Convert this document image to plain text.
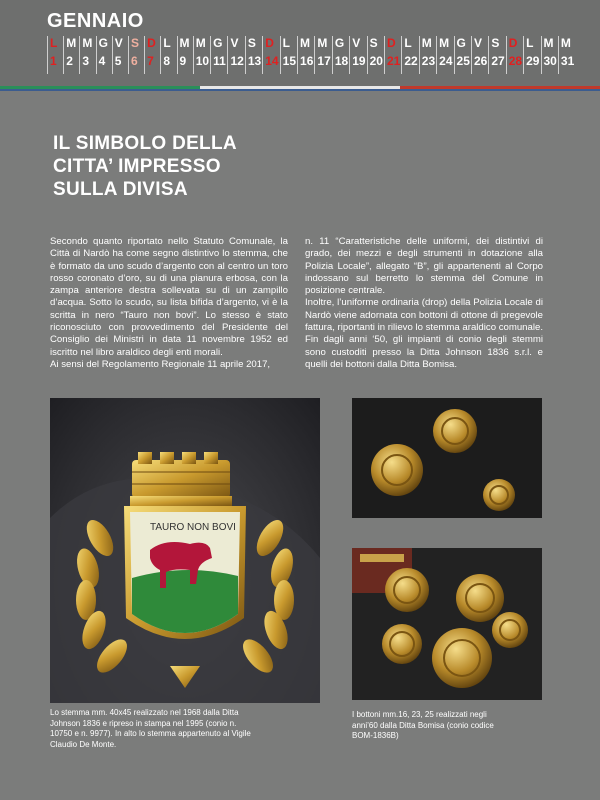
GENNAIO
L
1
M
2
M
3
G
4
V
5
S
6
D
7
L
8
M
9
M
10
G
11
V
12
S
13
D
14
L
15
M
16
M
17
G
18
V
19
S
20
D
21
L
22
M
23
M
24
G
25
V
26
S
27
D
28
L
29
M
30
M
31
IL SIMBOLO DELLA
CITTA’ IMPRESSO
SULLA DIVISA

Secondo quanto riportato nello Statuto Comunale, la Città di Nardò ha come segno distintivo lo stemma, che è formato da uno scudo d’argento con al centro un toro rosso coronato d’oro, su di una pianura erbosa, con la zampa anteriore destra sollevata su di un zampillo d’acqua. Sotto lo scudo, su lista bifida d’argento, vi è la scritta in nero “Tauro non bovi”. Lo stesso è stato riconosciuto con provvedimento del Presidente del Consiglio dei Ministri in data 11 novembre 1952 ed iscritto nel libro araldico degli enti morali.

Ai sensi del Regolamento Regionale 11 aprile 2017,

n. 11 “Caratteristiche delle uniformi, dei distintivi di grado, dei mezzi e degli strumenti in dotazione alla Polizia Locale”, allegato “B”, gli appartenenti al Corpo indossano sul berretto lo stemma del Comune in posizione centrale.

Inoltre, l’uniforme ordinaria (drop) della Polizia Locale di Nardò viene adornata con bottoni di ottone di pregevole fattura, riportanti in rilievo lo stemma araldico comunale. Fin dagli anni ‘50, gli impianti di conio degli stemmi sono custoditi presso la Ditta Johnson 1836 s.r.l. e quelli dei bottoni dalla Ditta Bomisa.

TAURO NON BOVI
Lo stemma mm. 40x45 realizzato nel 1968 dalla Ditta Johnson 1836 e ripreso in stampa nel 1995 (conio n. 10750 e n. 9977). In alto lo stemma appartenuto al Vigile Claudio De Monte.
I bottoni mm.16, 23, 25 realizzati negli anni’60 dalla Ditta Bomisa (conio codice BOM-1836B)
